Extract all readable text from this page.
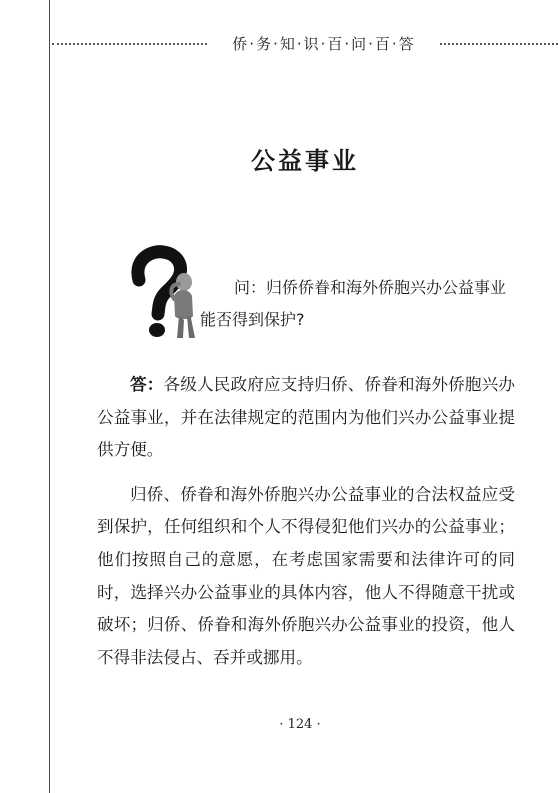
侨·务·知·识·百·问·百·答
公益事业
问：归侨侨眷和海外侨胞兴办公益事业
能否得到保护?

答：各级人民政府应支持归侨、侨眷和海外侨胞兴办公益事业，并在法律规定的范围内为他们兴办公益事业提供方便。

归侨、侨眷和海外侨胞兴办公益事业的合法权益应受到保护，任何组织和个人不得侵犯他们兴办的公益事业；他们按照自己的意愿，在考虑国家需要和法律许可的同时，选择兴办公益事业的具体内容，他人不得随意干扰或破坏；归侨、侨眷和海外侨胞兴办公益事业的投资，他人不得非法侵占、吞并或挪用。

· 124 ·
